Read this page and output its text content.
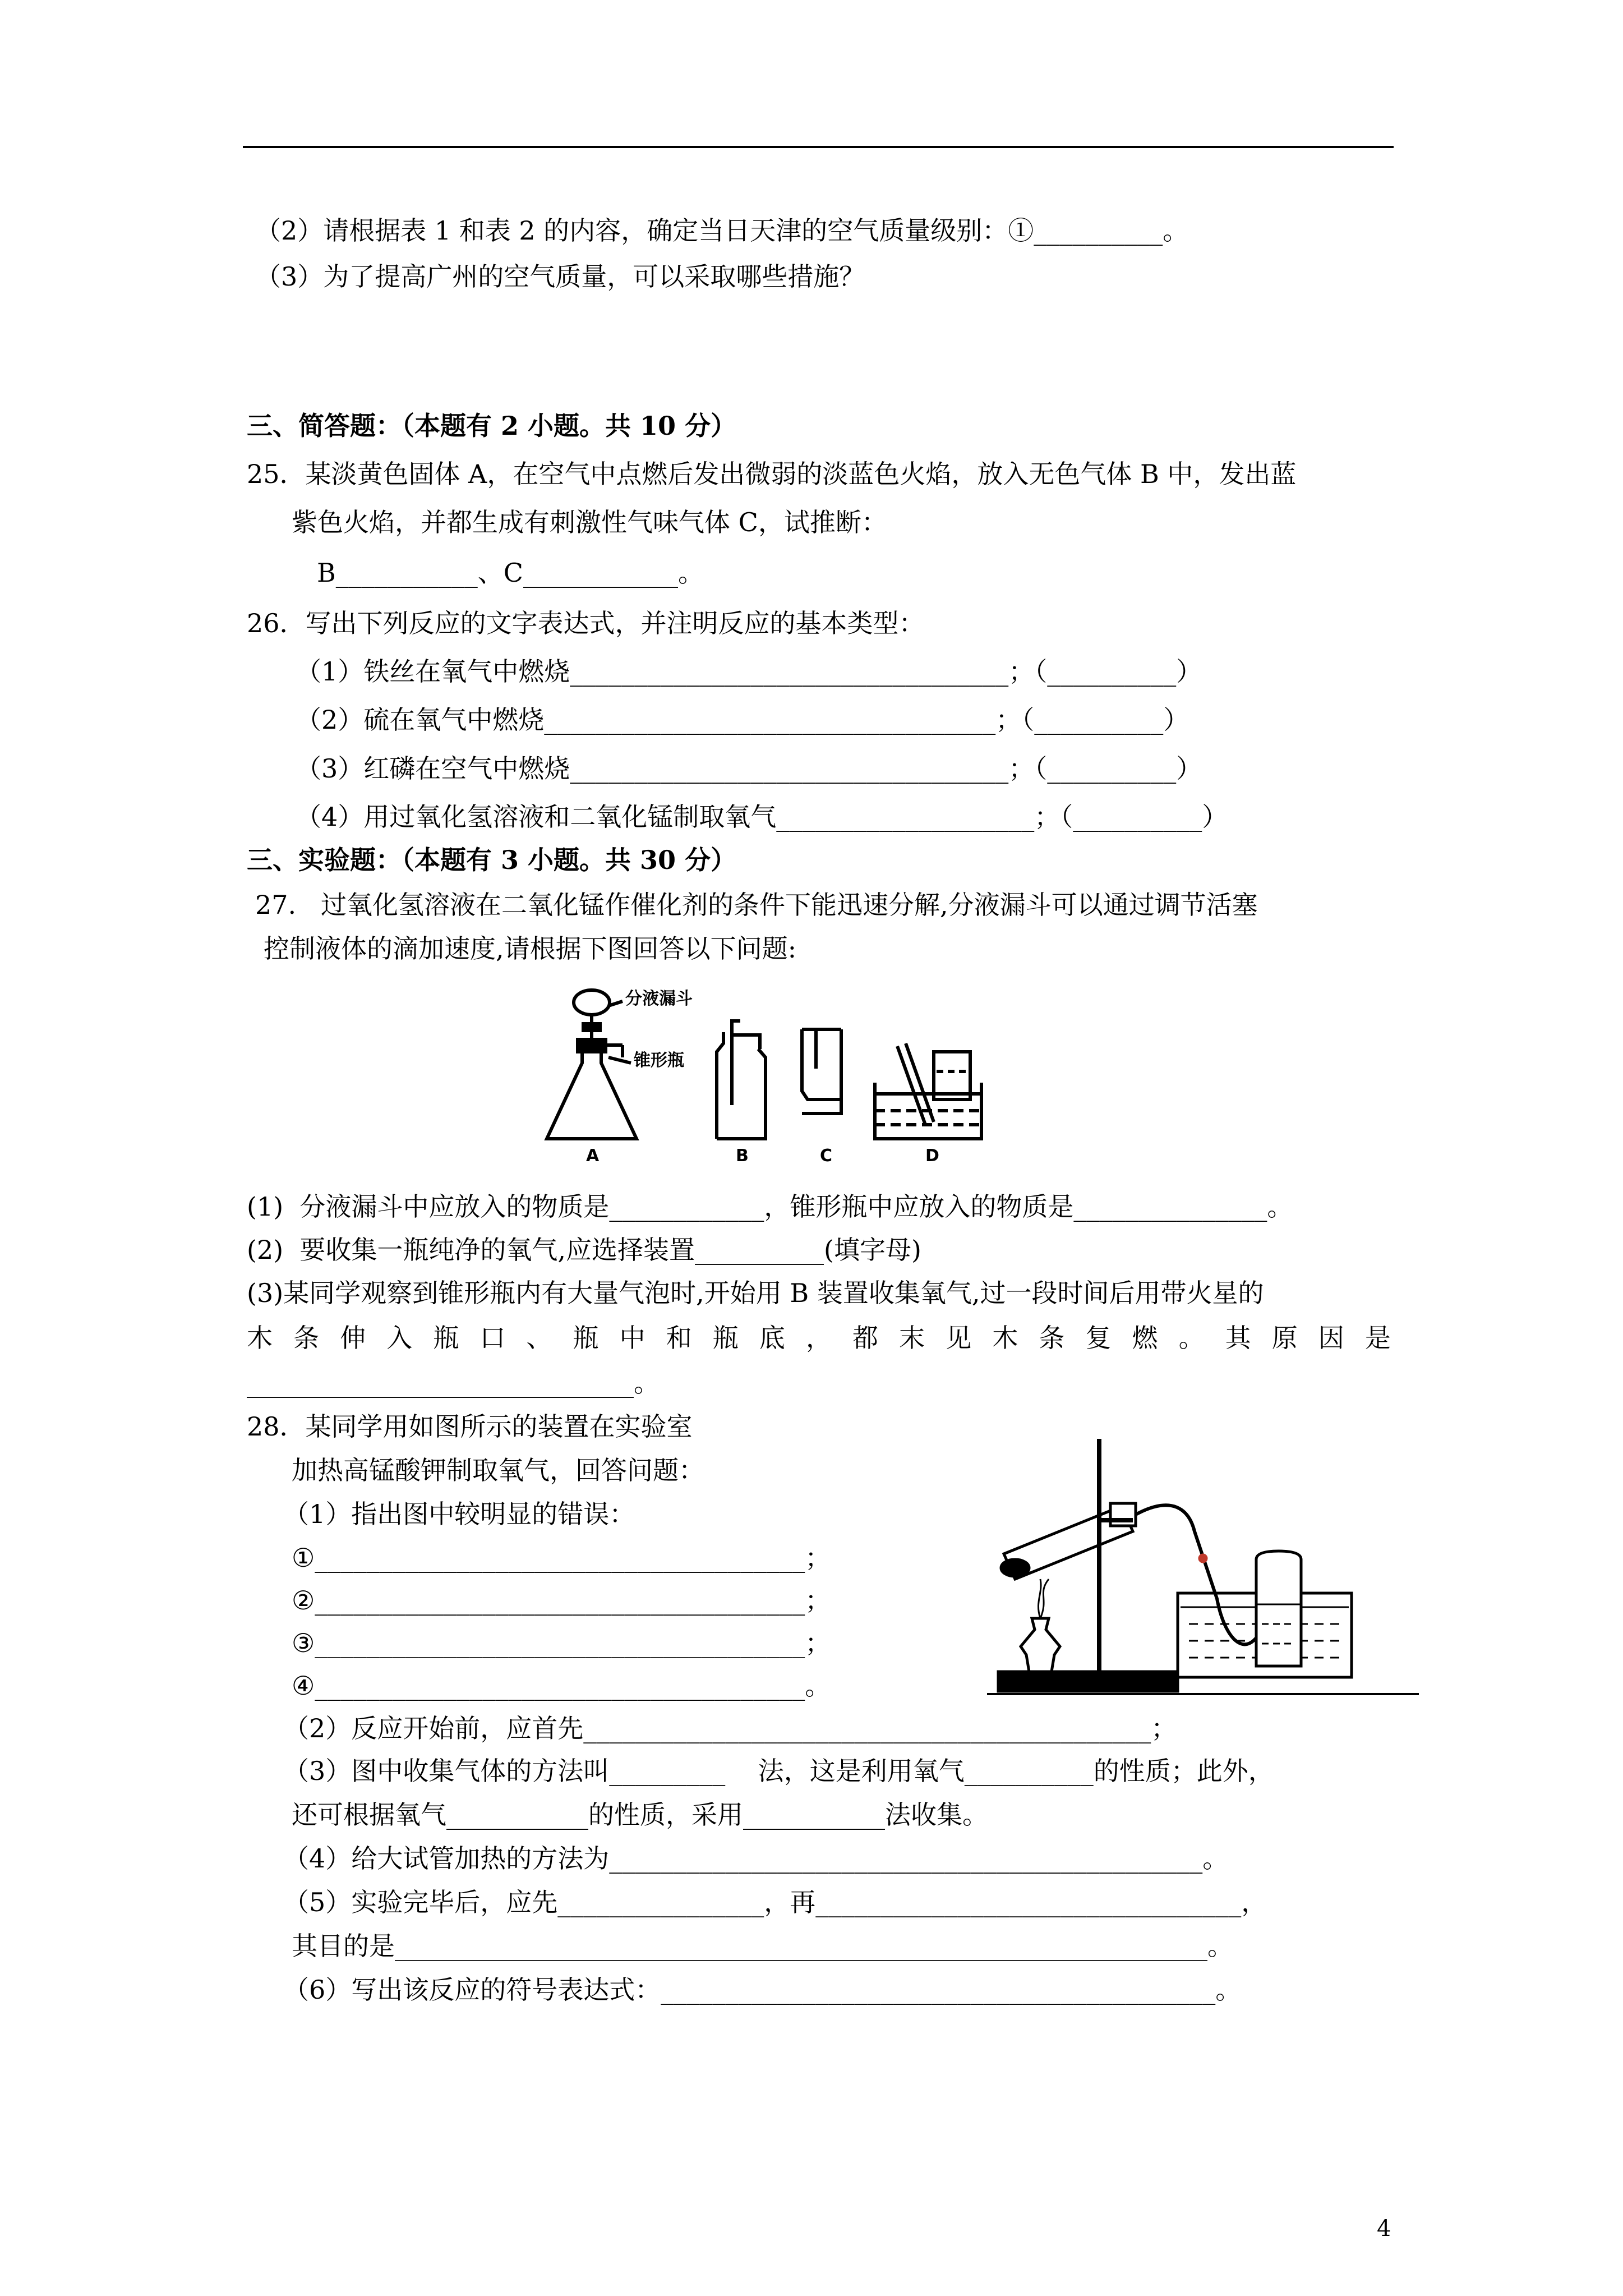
（2）请根据表 1 和表 2 的内容，确定当日天津的空气质量级别：①__________。
（3）为了提高广州的空气质量，可以采取哪些措施？
三、简答题：（本题有 2 小题。共 10 分）
25．某淡黄色固体 A，在空气中点燃后发出微弱的淡蓝色火焰，放入无色气体 B 中，发出蓝
紫色火焰，并都生成有刺激性气味气体 C，试推断：
B___________、C____________。
26．写出下列反应的文字表达式，并注明反应的基本类型：
（1）铁丝在氧气中燃烧__________________________________；（__________）
（2）硫在氧气中燃烧___________________________________；（__________）
（3）红磷在空气中燃烧__________________________________；（__________）
（4）用过氧化氢溶液和二氧化锰制取氧气____________________；（__________）
三、实验题：（本题有 3 小题。共 30 分）
27.   过氧化氢溶液在二氧化锰作催化剂的条件下能迅速分解,分液漏斗可以通过调节活塞
控制液体的滴加速度,请根据下图回答以下问题:
分液漏斗
锥形瓶
A	B	C	D
(1)  分液漏斗中应放入的物质是____________，锥形瓶中应放入的物质是_______________。
(2)  要收集一瓶纯净的氧气,应选择装置__________(填字母)
(3)某同学观察到锥形瓶内有大量气泡时,开始用 B 装置收集氧气,过一段时间后用带火星的
木 条 伸 入 瓶 口 、 瓶 中 和 瓶 底 ， 都 末 见 木 条 复 燃 。 其 原 因 是
______________________________。
28．某同学用如图所示的装置在实验室
加热高锰酸钾制取氧气，回答问题：
（1）指出图中较明显的错误：
①______________________________________；
②______________________________________；
③______________________________________；
④______________________________________。
（2）反应开始前，应首先____________________________________________；
（3）图中收集气体的方法叫_________    法，这是利用氧气__________的性质；此外，
还可根据氧气___________的性质，采用___________法收集。
（4）给大试管加热的方法为______________________________________________。
（5）实验完毕后，应先________________，再_________________________________，
其目的是_______________________________________________________________。
（6）写出该反应的符号表达式：___________________________________________。
4
